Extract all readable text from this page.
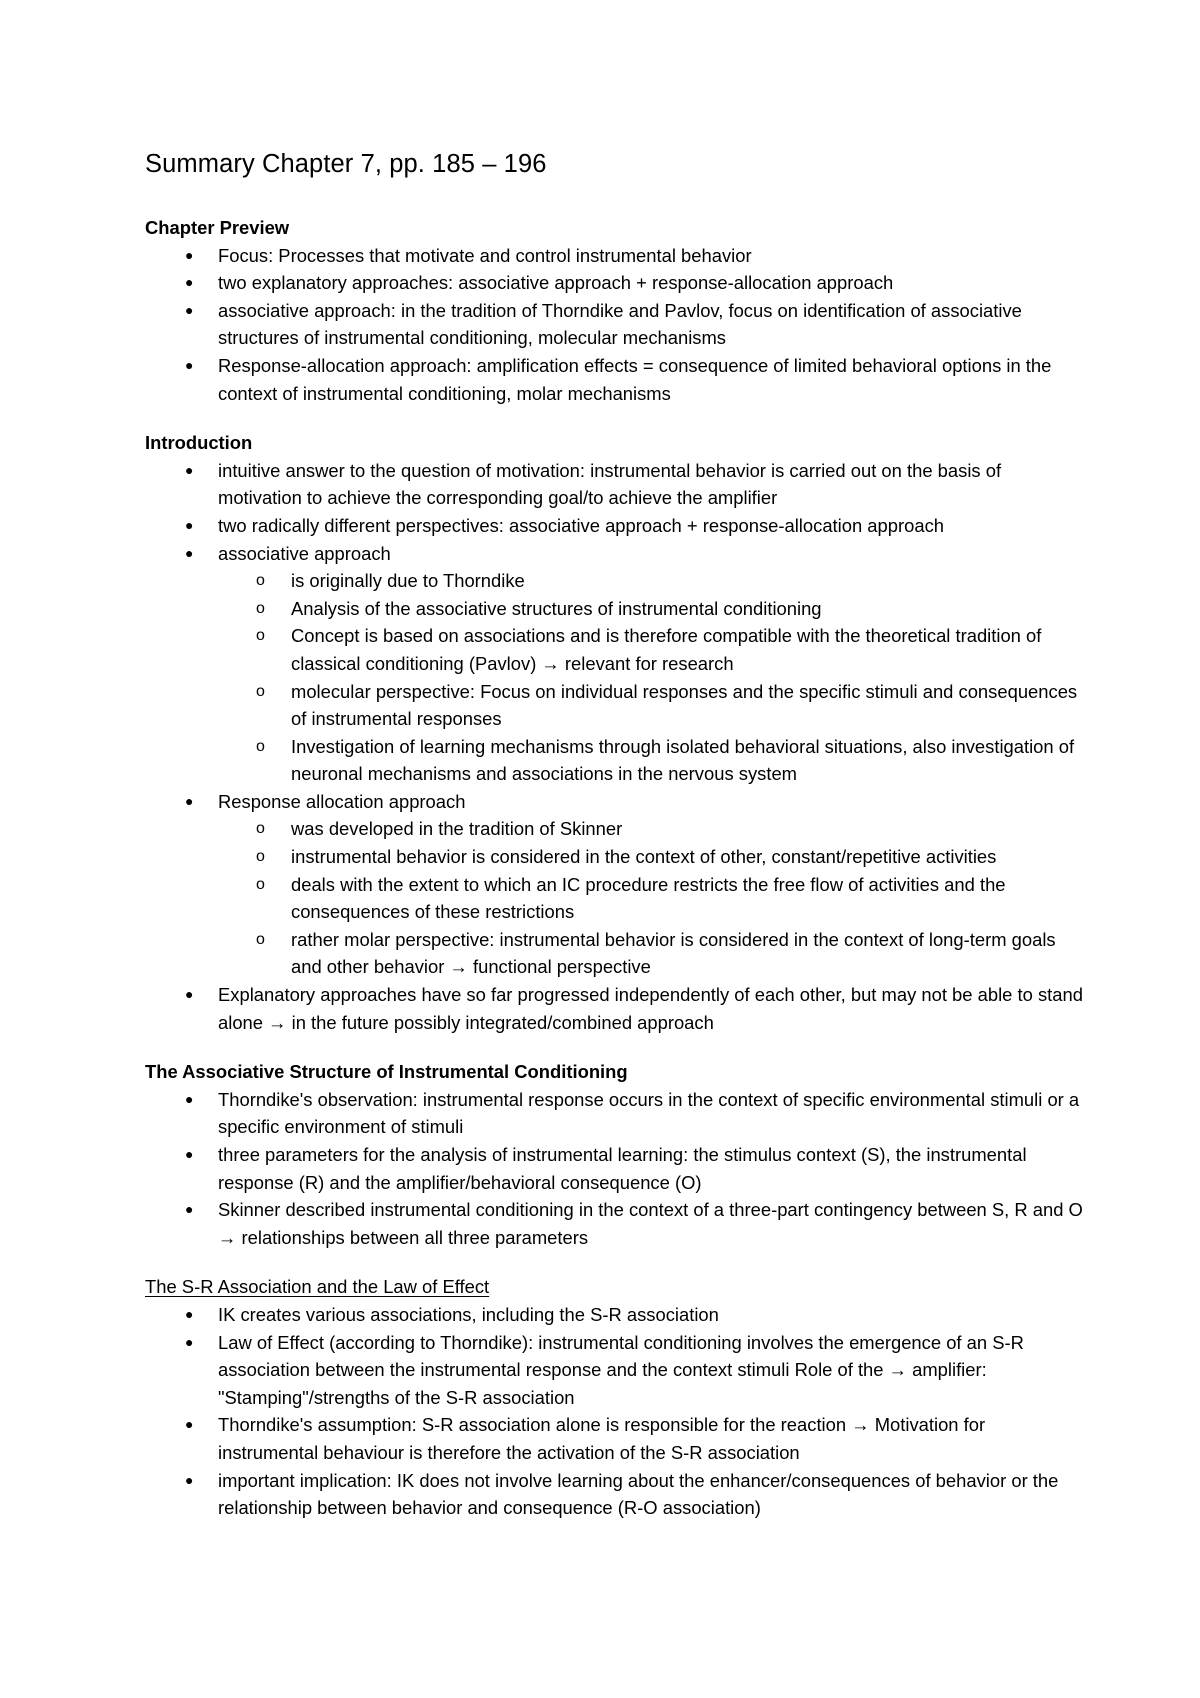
Summary Chapter 7, pp. 185 – 196
Chapter Preview
● Focus: Processes that motivate and control instrumental behavior
● two explanatory approaches: associative approach + response-allocation approach
● associative approach: in the tradition of Thorndike and Pavlov, focus on identification of associative structures of instrumental conditioning, molecular mechanisms
● Response-allocation approach: amplification effects = consequence of limited behavioral options in the context of instrumental conditioning, molar mechanisms
Introduction
● intuitive answer to the question of motivation: instrumental behavior is carried out on the basis of motivation to achieve the corresponding goal/to achieve the amplifier
● two radically different perspectives: associative approach + response-allocation approach
● associative approach
o is originally due to Thorndike
o Analysis of the associative structures of instrumental conditioning
o Concept is based on associations and is therefore compatible with the theoretical tradition of classical conditioning (Pavlov) → relevant for research
o molecular perspective: Focus on individual responses and the specific stimuli and consequences of instrumental responses
o Investigation of learning mechanisms through isolated behavioral situations, also investigation of neuronal mechanisms and associations in the nervous system
● Response allocation approach
o was developed in the tradition of Skinner
o instrumental behavior is considered in the context of other, constant/repetitive activities
o deals with the extent to which an IC procedure restricts the free flow of activities and the consequences of these restrictions
o rather molar perspective: instrumental behavior is considered in the context of long-term goals and other behavior → functional perspective
● Explanatory approaches have so far progressed independently of each other, but may not be able to stand alone → in the future possibly integrated/combined approach
The Associative Structure of Instrumental Conditioning
● Thorndike's observation: instrumental response occurs in the context of specific environmental stimuli or a specific environment of stimuli
● three parameters for the analysis of instrumental learning: the stimulus context (S), the instrumental response (R) and the amplifier/behavioral consequence (O)
● Skinner described instrumental conditioning in the context of a three-part contingency between S, R and O → relationships between all three parameters
The S-R Association and the Law of Effect
● IK creates various associations, including the S-R association
● Law of Effect (according to Thorndike): instrumental conditioning involves the emergence of an S-R association between the instrumental response and the context stimuli Role of the → amplifier: "Stamping"/strengths of the S-R association
● Thorndike's assumption: S-R association alone is responsible for the reaction → Motivation for instrumental behaviour is therefore the activation of the S-R association
● important implication: IK does not involve learning about the enhancer/consequences of behavior or the relationship between behavior and consequence (R-O association)
